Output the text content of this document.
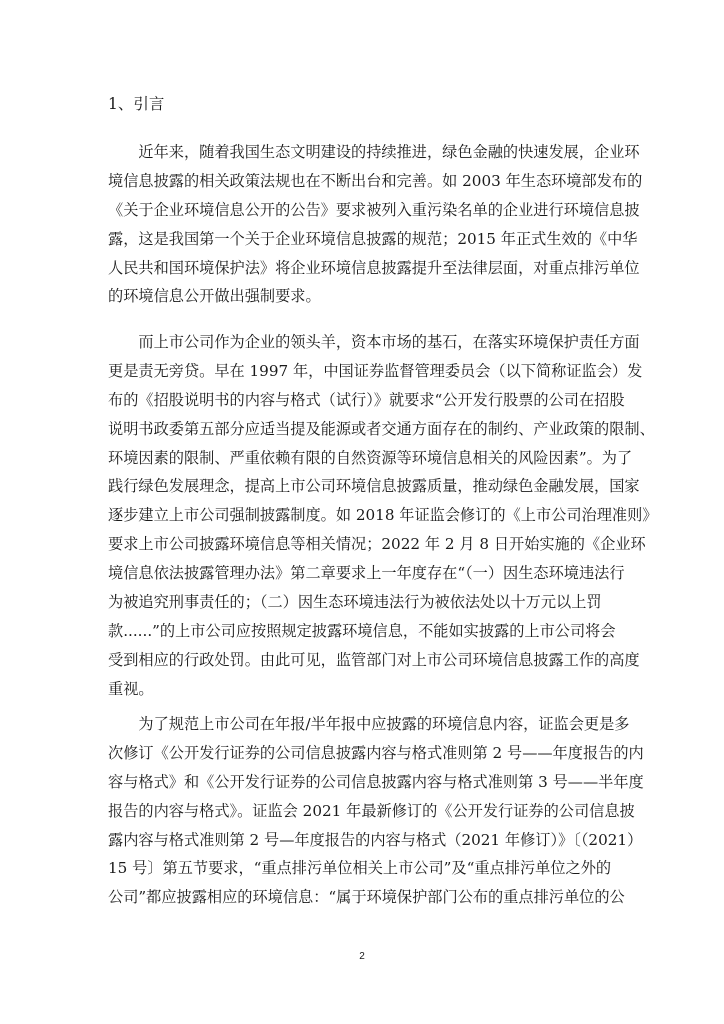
1、引言
　　近年来，随着我国生态文明建设的持续推进，绿色金融的快速发展，企业环
境信息披露的相关政策法规也在不断出台和完善。如 2003 年生态环境部发布的
《关于企业环境信息公开的公告》要求被列入重污染名单的企业进行环境信息披
露，这是我国第一个关于企业环境信息披露的规范；2015 年正式生效的《中华
人民共和国环境保护法》将企业环境信息披露提升至法律层面，对重点排污单位
的环境信息公开做出强制要求。
　　而上市公司作为企业的领头羊，资本市场的基石，在落实环境保护责任方面
更是责无旁贷。早在 1997 年，中国证券监督管理委员会（以下简称证监会）发
布的《招股说明书的内容与格式（试行）》就要求“公开发行股票的公司在招股
说明书政委第五部分应适当提及能源或者交通方面存在的制约、产业政策的限制、
环境因素的限制、严重依赖有限的自然资源等环境信息相关的风险因素”。为了
践行绿色发展理念，提高上市公司环境信息披露质量，推动绿色金融发展，国家
逐步建立上市公司强制披露制度。如 2018 年证监会修订的《上市公司治理准则》
要求上市公司披露环境信息等相关情况；2022 年 2 月 8 日开始实施的《企业环
境信息依法披露管理办法》第二章要求上一年度存在“（一）因生态环境违法行
为被追究刑事责任的；（二）因生态环境违法行为被依法处以十万元以上罚
款......”的上市公司应按照规定披露环境信息，不能如实披露的上市公司将会
受到相应的行政处罚。由此可见，监管部门对上市公司环境信息披露工作的高度
重视。
　　为了规范上市公司在年报/半年报中应披露的环境信息内容，证监会更是多
次修订《公开发行证券的公司信息披露内容与格式准则第 2 号——年度报告的内
容与格式》和《公开发行证券的公司信息披露内容与格式准则第 3 号——半年度
报告的内容与格式》。证监会 2021 年最新修订的《公开发行证券的公司信息披
露内容与格式准则第 2 号—年度报告的内容与格式（2021 年修订）》〔（2021）
15 号〕第五节要求，“重点排污单位相关上市公司”及“重点排污单位之外的
公司”都应披露相应的环境信息：“属于环境保护部门公布的重点排污单位的公
2
